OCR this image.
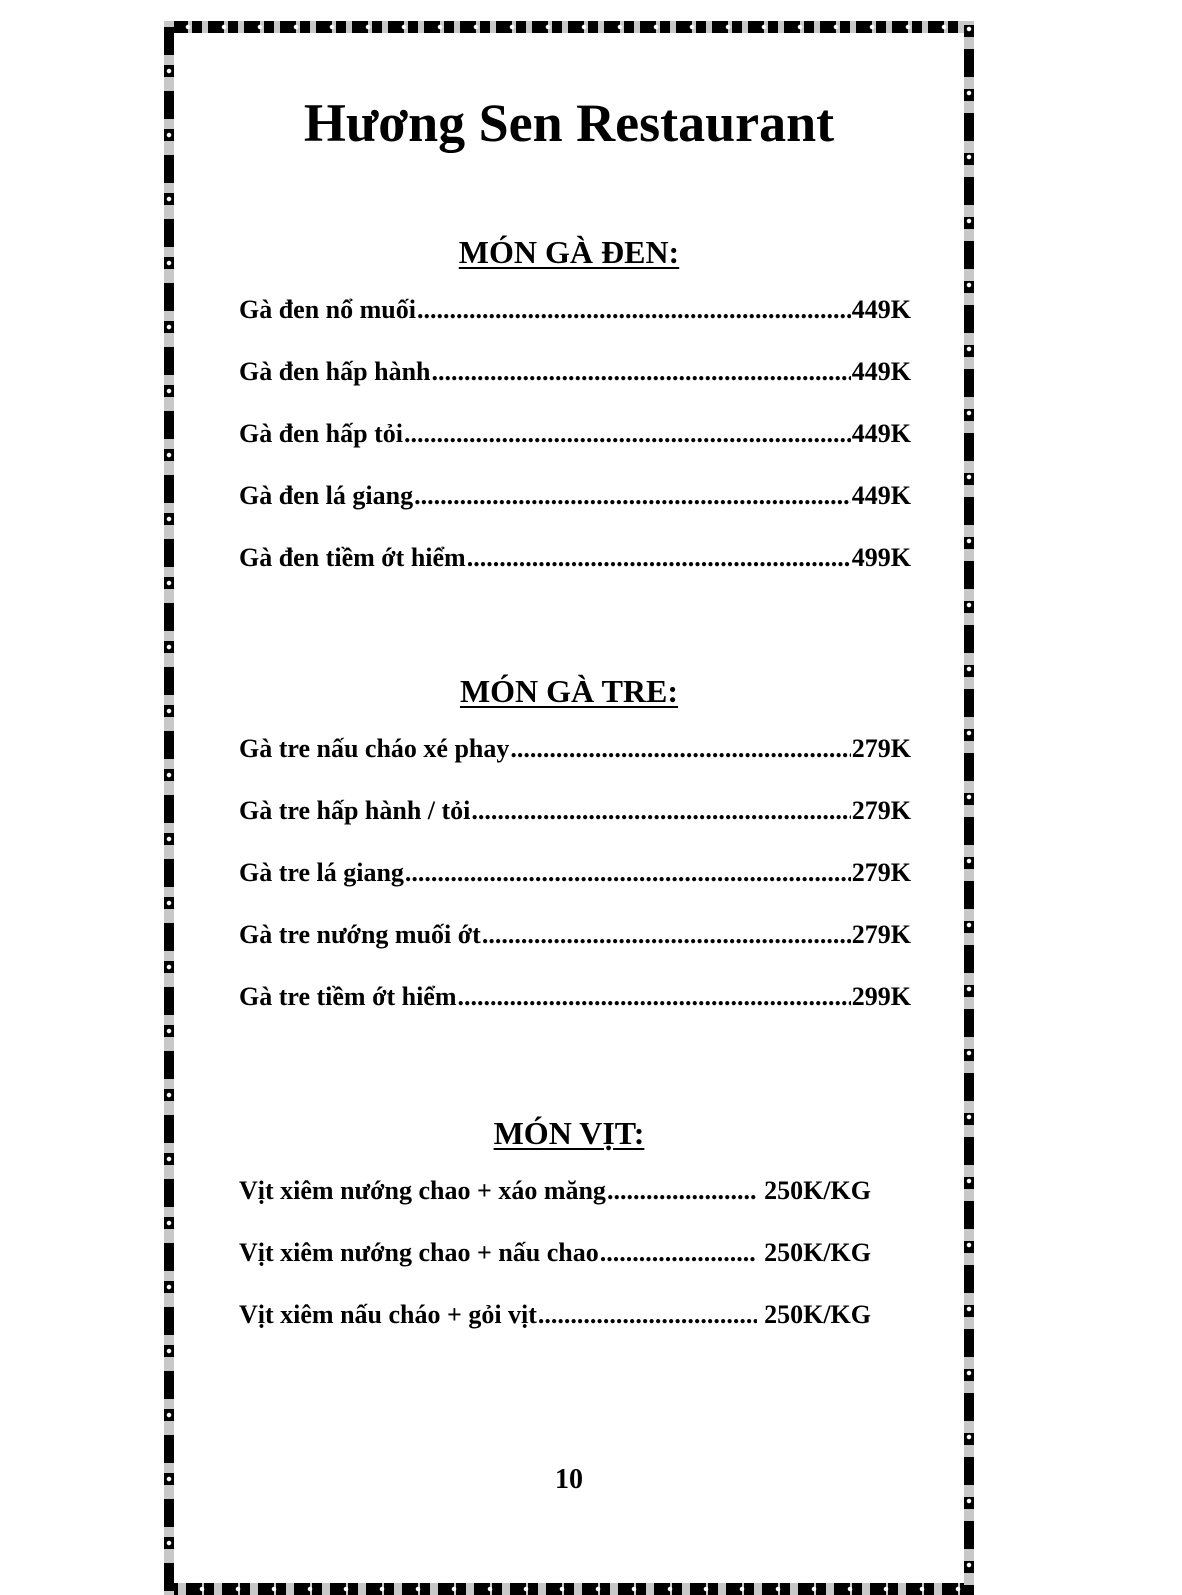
Hương Sen Restaurant
MÓN GÀ ĐEN:
Gà đen nổ muối .....	449K
Gà đen hấp hành .....	449K
Gà đen hấp tỏi .....	449K
Gà đen lá giang .....	449K
Gà đen tiềm ớt hiểm .....	499K
MÓN GÀ TRE:
Gà tre nấu cháo xé phay .....	279K
Gà tre hấp hành / tỏi .....	279K
Gà tre lá giang .....	279K
Gà tre nướng muối ớt .....	279K
Gà tre tiềm ớt hiểm .....	299K
MÓN VỊT:
Vịt xiêm nướng chao + xáo măng .....	250K/KG
Vịt xiêm nướng chao + nấu chao .....	250K/KG
Vịt xiêm nấu cháo + gỏi vịt .....	250K/KG
10
